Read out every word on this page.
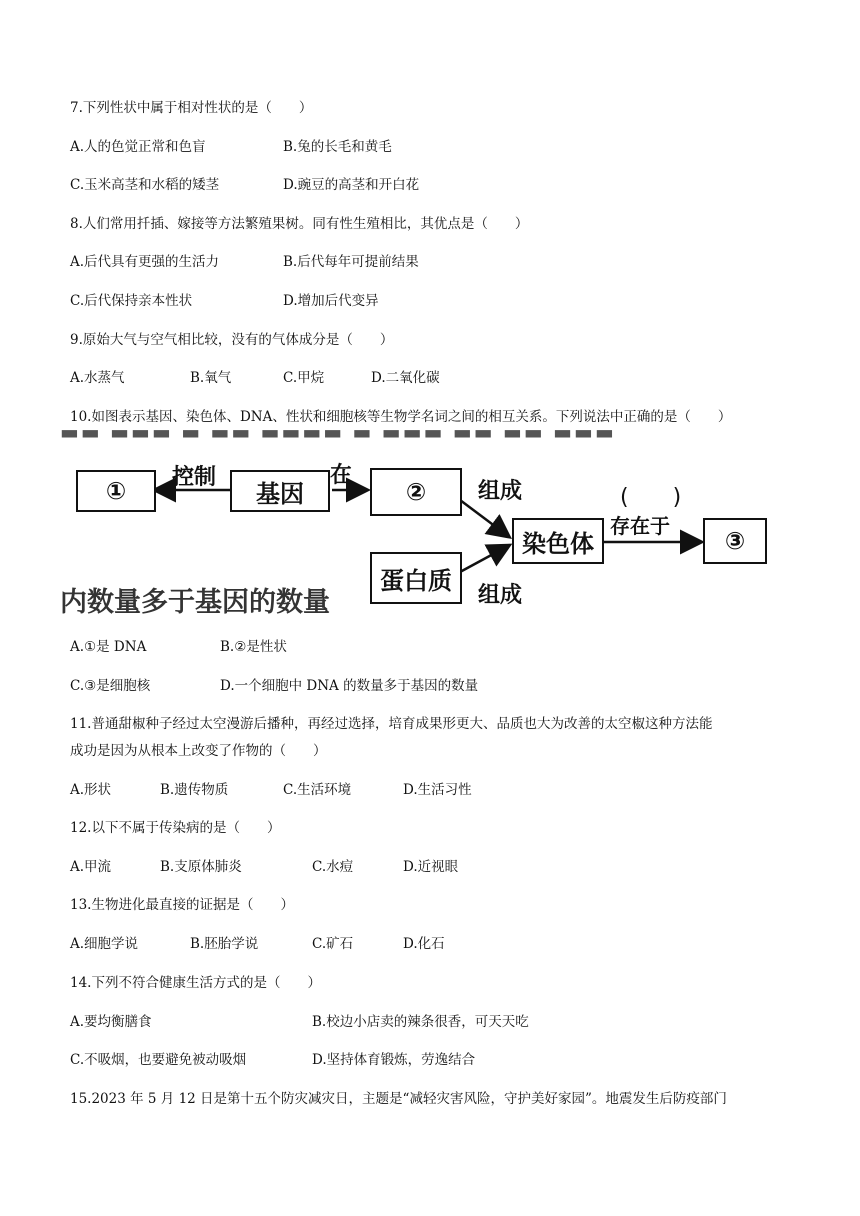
7.下列性状中属于相对性状的是（　　）
A.人的色觉正常和色盲	B.兔的长毛和黄毛
C.玉米高茎和水稻的矮茎	D.豌豆的高茎和开白花
8.人们常用扦插、嫁接等方法繁殖果树。同有性生殖相比，其优点是（　　）
A.后代具有更强的生活力	B.后代每年可提前结果
C.后代保持亲本性状	D.增加后代变异
9.原始大气与空气相比较，没有的气体成分是（　　）
A.水蒸气	B.氧气	C.甲烷	D.二氧化碳
10.如图表示基因、染色体、DNA、性状和细胞核等生物学名词之间的相互关系。下列说法中正确的是（　　）
▬▬ ▬▬▬ ▬ ▬▬ ▬▬▬▬ ▬ ▬▬▬ ▬▬ ▬▬ ▬▬▬
①	基因	②
染色体	③
蛋白质
控制	在
组成
组成
存在于
(　　)
内数量多于基因的数量
A.①是 DNA	B.②是性状
C.③是细胞核	D.一个细胞中 DNA 的数量多于基因的数量
11.普通甜椒种子经过太空漫游后播种，再经过选择，培育成果形更大、品质也大为改善的太空椒这种方法能
成功是因为从根本上改变了作物的（　　）
A.形状	B.遗传物质	C.生活环境	D.生活习性
12.以下不属于传染病的是（　　）
A.甲流	B.支原体肺炎	C.水痘	D.近视眼
13.生物进化最直接的证据是（　　）
A.细胞学说	B.胚胎学说	C.矿石	D.化石
14.下列不符合健康生活方式的是（　　）
A.要均衡膳食	B.校边小店卖的辣条很香，可天天吃
C.不吸烟，也要避免被动吸烟	D.坚持体育锻炼，劳逸结合
15.2023 年 5 月 12 日是第十五个防灾减灾日，主题是“减轻灾害风险，守护美好家园”。地震发生后防疫部门
